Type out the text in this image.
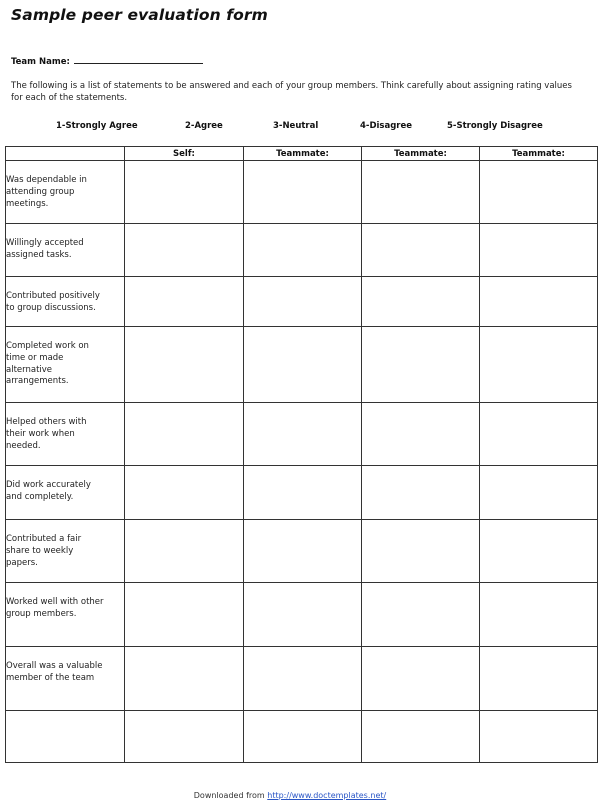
Sample peer evaluation form
Team Name:
The following is a list of statements to be answered and each of your group members. Think carefully about assigning rating values for each of the statements.
1-Strongly Agree	2-Agree	3-Neutral	4-Disagree	5-Strongly Disagree
	Self:	Teammate:	Teammate:	Teammate:

Was dependable in attending group meetings.				

Willingly accepted assigned tasks.				

Contributed positively to group discussions.				

Completed work on time or made alternative arrangements.				

Helped others with their work when needed.				

Did work accurately and completely.				

Contributed a fair share to weekly papers.				

Worked well with other group members.				

Overall was a valuable member of the team				

Downloaded from http://www.doctemplates.net/
